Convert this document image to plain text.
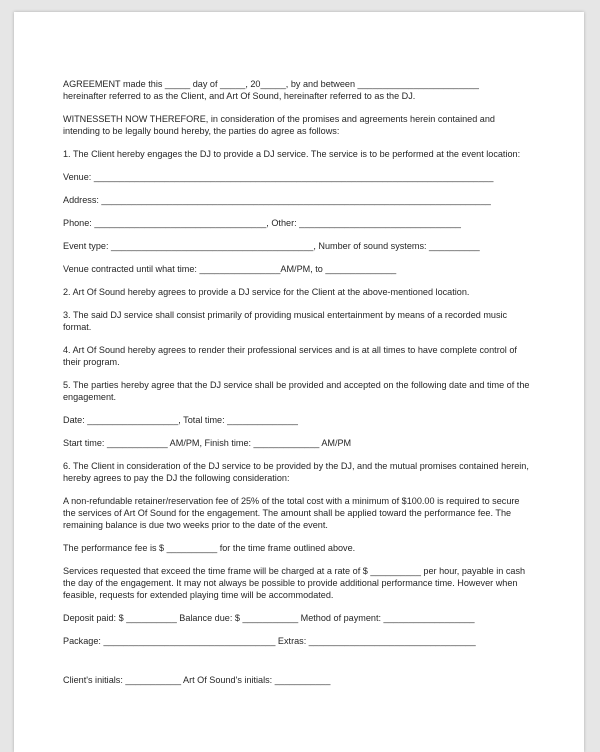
AGREEMENT made this _____ day of _____, 20_____, by and between ________________________
hereinafter referred to as the Client, and Art Of Sound, hereinafter referred to as the DJ.
WITNESSETH NOW THEREFORE, in consideration of the promises and agreements herein contained and
intending to be legally bound hereby, the parties do agree as follows:
1. The Client hereby engages the DJ to provide a DJ service. The service is to be performed at the event location:
Venue: _______________________________________________________________________________
Address: _____________________________________________________________________________
Phone: __________________________________, Other: ________________________________
Event type: ________________________________________, Number of sound systems: __________
Venue contracted until what time: ________________AM/PM, to ______________
2. Art Of Sound hereby agrees to provide a DJ service for the Client at the above-mentioned location.
3. The said DJ service shall consist primarily of providing musical entertainment by means of a recorded music
format.
4. Art Of Sound hereby agrees to render their professional services and is at all times to have complete control of
their program.
5. The parties hereby agree that the DJ service shall be provided and accepted on the following date and time of the
engagement.
Date: __________________, Total time: ______________
Start time: ____________ AM/PM, Finish time: _____________ AM/PM
6. The Client in consideration of the DJ service to be provided by the DJ, and the mutual promises contained herein,
hereby agrees to pay the DJ the following consideration:
A non-refundable retainer/reservation fee of 25% of the total cost with a minimum of $100.00 is required to secure
the services of Art Of Sound for the engagement. The amount shall be applied toward the performance fee. The
remaining balance is due two weeks prior to the date of the event.
The performance fee is $ __________ for the time frame outlined above.
Services requested that exceed the time frame will be charged at a rate of $ __________ per hour, payable in cash
the day of the engagement. It may not always be possible to provide additional performance time. However when
feasible, requests for extended playing time will be accommodated.
Deposit paid: $ __________ Balance due: $ ___________ Method of payment: __________________
Package: __________________________________ Extras: _________________________________
Client's initials: ___________ Art Of Sound's initials: ___________
